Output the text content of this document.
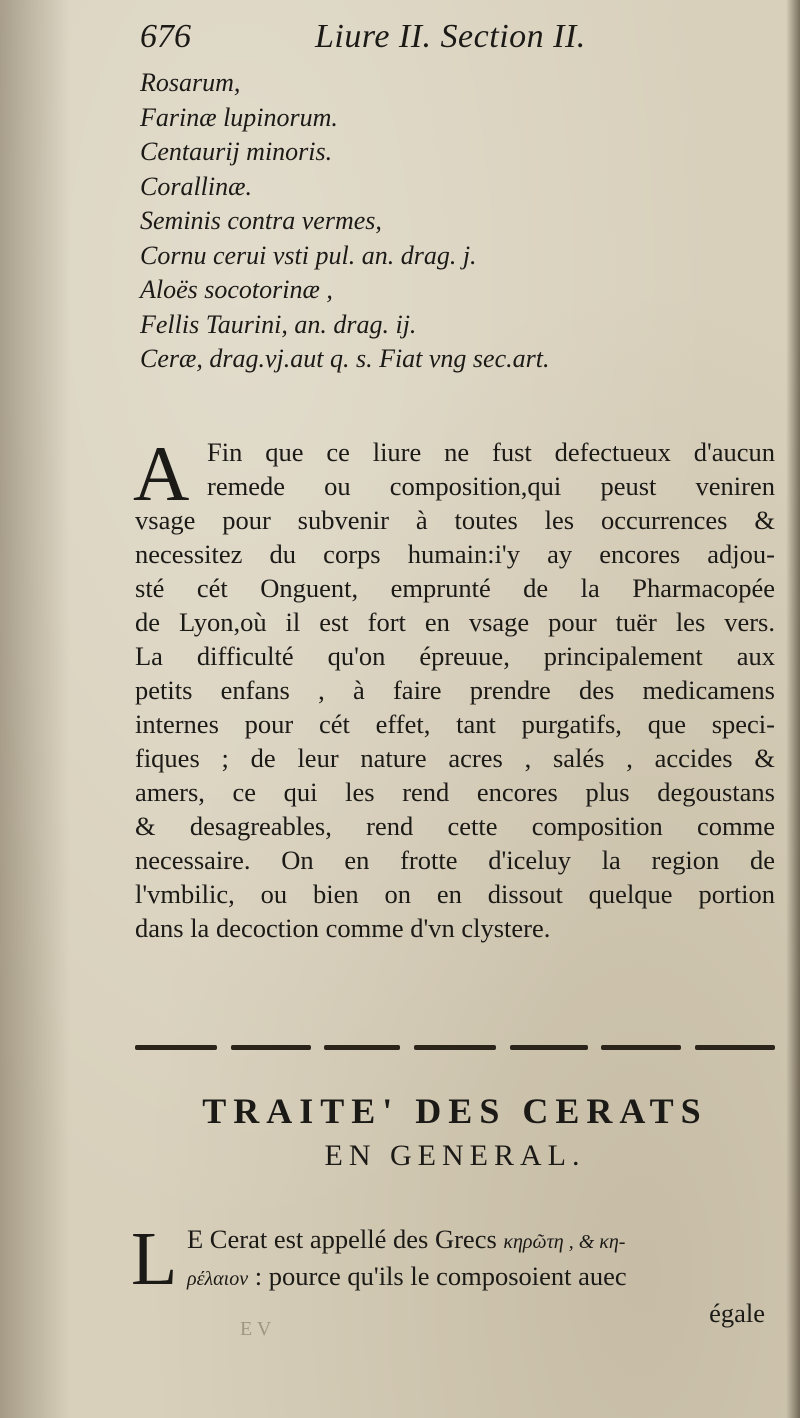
676	Liure II. Section II.
Rosarum,
Farinæ lupinorum.
Centaurij minoris.
Corallinæ.
Seminis contra vermes,
Cornu cerui vsti pul. an. drag. j.
Aloës socotorinæ ,
Fellis Taurini, an. drag. ij.
Ceræ, drag.vj.aut q. s. Fiat vng sec.art.
A Fin que ce liure ne fust defectueux d'aucun
remede ou composition,qui peust veniren
vsage pour subvenir à toutes les occurrences &
necessitez du corps humain:i'y ay encores adjou-
sté cét Onguent, emprunté de la Pharmacopée
de Lyon,où il est fort en vsage pour tuër les vers.
La difficulté qu'on épreuue, principalement aux
petits enfans , à faire prendre des medicamens
internes pour cét effet, tant purgatifs, que speci-
fiques ; de leur nature acres , salés , accides &
amers, ce qui les rend encores plus degoustans
& desagreables, rend cette composition comme
necessaire. On en frotte d'iceluy la region de
l'vmbilic, ou bien on en dissout quelque portion
dans la decoction comme d'vn clystere.
TRAITE' DES CERATS
EN GENERAL.
L E Cerat est appellé des Grecs κηρῶτη , & κη-
ρέλαιον : pource qu'ils le composoient auec
égale
E V
